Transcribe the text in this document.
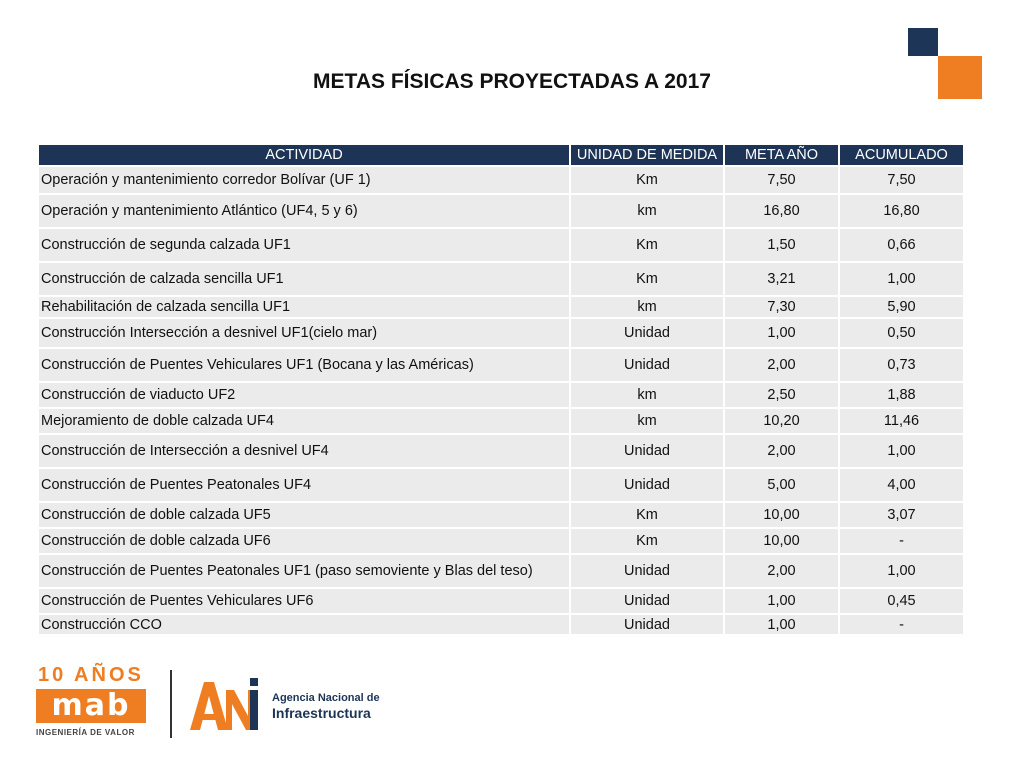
METAS FÍSICAS PROYECTADAS A 2017
ACTIVIDAD	UNIDAD DE MEDIDA	META AÑO	ACUMULADO
Operación y mantenimiento corredor Bolívar (UF 1)	Km	7,50	7,50
Operación y mantenimiento Atlántico (UF4, 5 y 6)	km	16,80	16,80
Construcción de segunda calzada UF1	Km	1,50	0,66
Construcción de calzada sencilla UF1	Km	3,21	1,00
Rehabilitación de calzada sencilla UF1	km	7,30	5,90
Construcción Intersección a desnivel UF1(cielo mar)	Unidad	1,00	0,50
Construcción de Puentes Vehiculares UF1 (Bocana y las Américas)	Unidad	2,00	0,73
Construcción de viaducto UF2	km	2,50	1,88
Mejoramiento de doble calzada UF4	km	10,20	11,46
Construcción de Intersección a desnivel UF4	Unidad	2,00	1,00
Construcción de Puentes Peatonales UF4	Unidad	5,00	4,00
Construcción de doble calzada UF5	Km	10,00	3,07
Construcción de doble calzada UF6	Km	10,00	-
Construcción de Puentes Peatonales UF1 (paso semoviente y Blas del teso)	Unidad	2,00	1,00
Construcción de Puentes Vehiculares UF6	Unidad	1,00	0,45
Construcción CCO	Unidad	1,00	-
10 AÑOS
mab
INGENIERÍA DE VALOR
Agencia Nacional de
Infraestructura
